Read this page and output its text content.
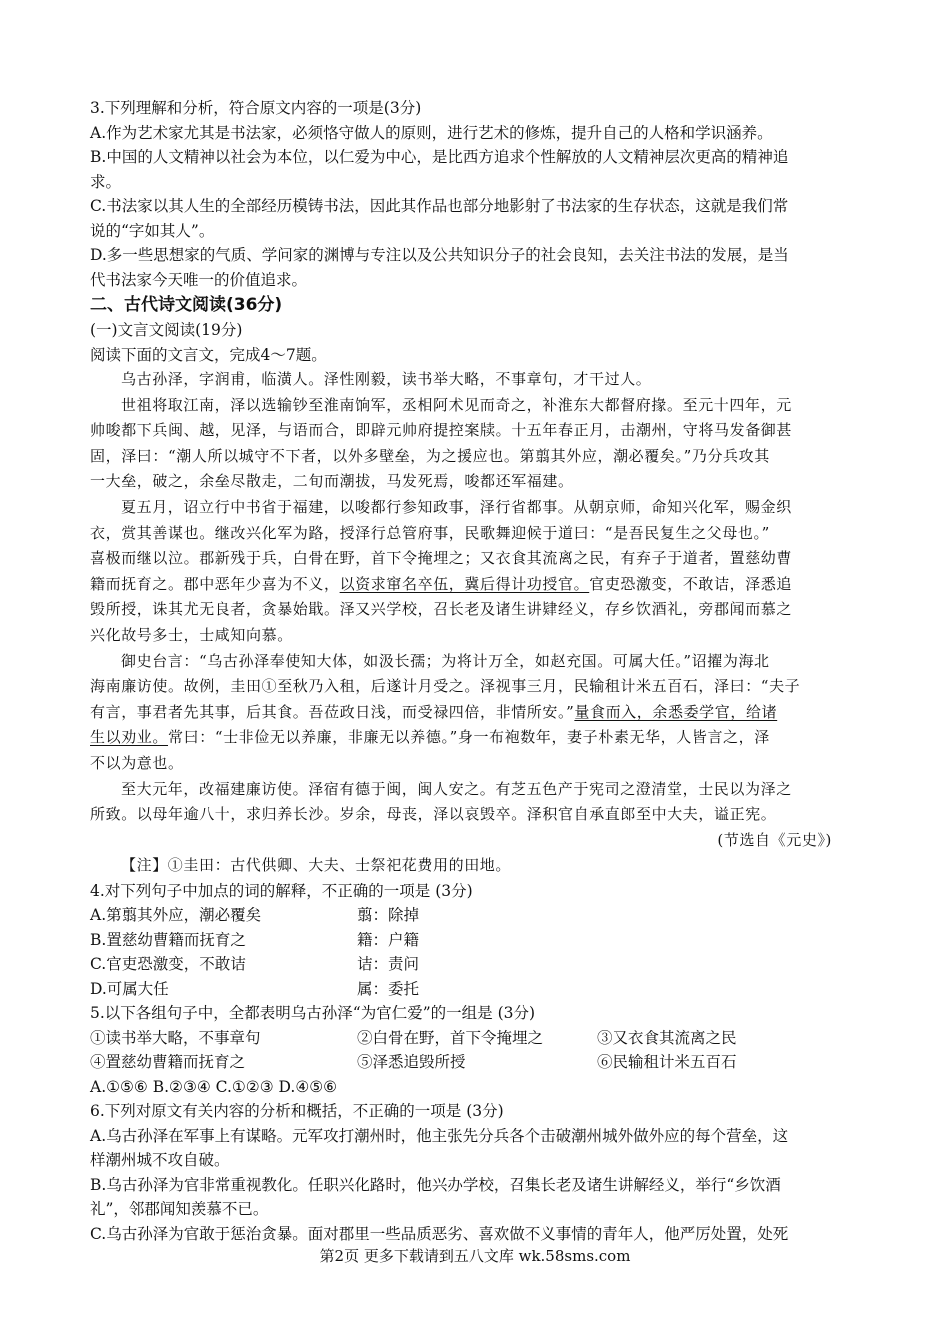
3.下列理解和分析，符合原文内容的一项是(3分)
A.作为艺术家尤其是书法家，必须恪守做人的原则，进行艺术的修炼，提升自己的人格和学识涵养。
B.中国的人文精神以社会为本位，以仁爱为中心，是比西方追求个性解放的人文精神层次更高的精神追
求。
C.书法家以其人生的全部经历模铸书法，因此其作品也部分地影射了书法家的生存状态，这就是我们常
说的“字如其人”。
D.多一些思想家的气质、学问家的渊博与专注以及公共知识分子的社会良知，去关注书法的发展，是当
代书法家今天唯一的价值追求。
二、古代诗文阅读(36分)
(一)文言文阅读(19分)
阅读下面的文言文，完成4～7题。
乌古孙泽，字润甫，临潢人。泽性刚毅，读书举大略，不事章句，才干过人。
世祖将取江南，泽以选输钞至淮南饷军，丞相阿术见而奇之，补淮东大都督府掾。至元十四年，元
帅唆都下兵闽、越，见泽，与语而合，即辟元帅府提控案牍。十五年春正月，击潮州，守将马发备御甚
固，泽曰：“潮人所以城守不下者，以外多壁垒，为之援应也。第翦其外应，潮必覆矣。”乃分兵攻其
一大垒，破之，余垒尽散走，二旬而潮拔，马发死焉，唆都还军福建。
夏五月，诏立行中书省于福建，以唆都行参知政事，泽行省都事。从朝京师，命知兴化军，赐金织
衣，赏其善谋也。继改兴化军为路，授泽行总管府事，民歌舞迎候于道曰：“是吾民复生之父母也。”
喜极而继以泣。郡新残于兵，白骨在野，首下令掩埋之；又衣食其流离之民，有弃子于道者，置慈幼曹
籍而抚育之。郡中恶年少喜为不义，以资求窜名卒伍，冀后得计功授官。官吏恐激变，不敢诘，泽悉追
毁所授，诛其尤无良者，贪暴始戢。泽又兴学校，召长老及诸生讲肄经义，存乡饮酒礼，旁郡闻而慕之
兴化故号多士，士咸知向慕。
御史台言：“乌古孙泽奉使知大体，如汲长孺；为将计万全，如赵充国。可属大任。”诏擢为海北
海南廉访使。故例，圭田①至秋乃入租，后遂计月受之。泽视事三月，民输租计米五百石，泽曰：“夫子
有言，事君者先其事，后其食。吾莅政日浅，而受禄四倍，非情所安。”量食而入，余悉委学官，给诸
生以劝业。常曰：“士非俭无以养廉，非廉无以养德。”身一布袍数年，妻子朴素无华，人皆言之，泽
不以为意也。
至大元年，改福建廉访使。泽宿有德于闽，闽人安之。有芝五色产于宪司之澄清堂，士民以为泽之
所致。以母年逾八十，求归养长沙。岁余，母丧，泽以哀毁卒。泽积官自承直郎至中大夫，谥正宪。
(节选自《元史》)
【注】①圭田：古代供卿、大夫、士祭祀花费用的田地。
4.对下列句子中加点的词的解释，不正确的一项是 (3分)
A.第翦其外应，潮必覆矣	翦：除掉
B.置慈幼曹籍而抚育之	籍：户籍
C.官吏恐激变，不敢诘	诘：责问
D.可属大任	属：委托
5.以下各组句子中，全都表明乌古孙泽“为官仁爱”的一组是 (3分)
①读书举大略，不事章句	②白骨在野，首下令掩埋之	③又衣食其流离之民
④置慈幼曹籍而抚育之	⑤泽悉追毁所授	⑥民输租计米五百石
A.①⑤⑥ B.②③④ C.①②③ D.④⑤⑥
6.下列对原文有关内容的分析和概括，不正确的一项是 (3分)
A.乌古孙泽在军事上有谋略。元军攻打潮州时，他主张先分兵各个击破潮州城外做外应的每个营垒，这
样潮州城不攻自破。
B.乌古孙泽为官非常重视教化。任职兴化路时，他兴办学校，召集长老及诸生讲解经义，举行“乡饮酒
礼”，邻郡闻知羡慕不已。
C.乌古孙泽为官敢于惩治贪暴。面对郡里一些品质恶劣、喜欢做不义事情的青年人，他严厉处置，处死
第2页 更多下载请到五八文库 wk.58sms.com
